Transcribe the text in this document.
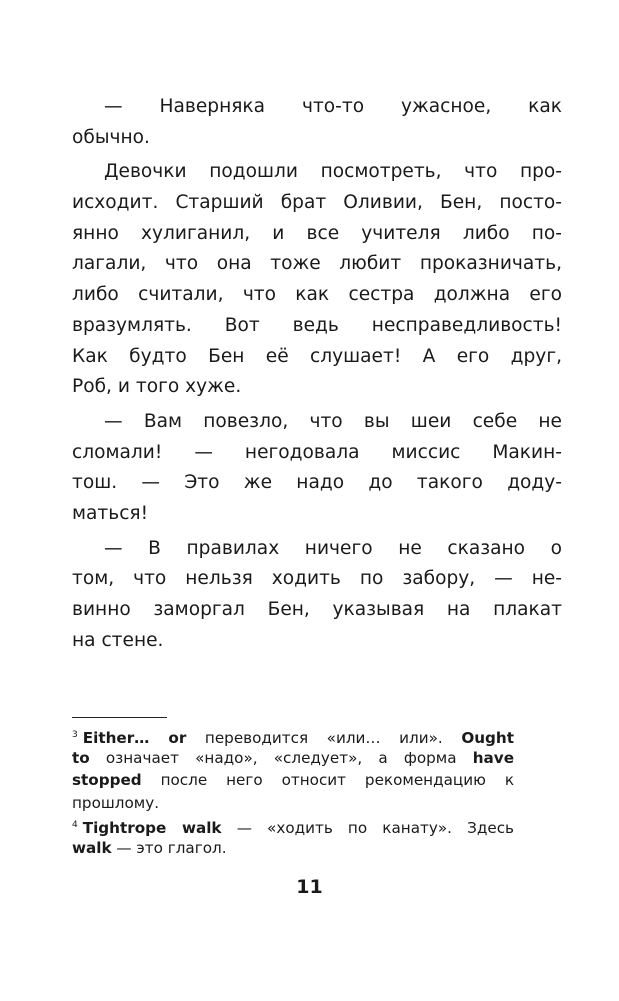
— Наверняка что-то ужасное, как
обычно.
Девочки подошли посмотреть, что про-
исходит. Старший брат Оливии, Бен, посто-
янно хулиганил, и все учителя либо по-
лагали, что она тоже любит проказничать,
либо считали, что как сестра должна его
вразумлять. Вот ведь несправедливость!
Как будто Бен её слушает! А его друг,
Роб, и того хуже.
— Вам повезло, что вы шеи себе не
сломали! — негодовала миссис Макин-
тош. — Это же надо до такого доду-
маться!
— В правилах ничего не сказано о
том, что нельзя ходить по забору, — не-
винно заморгал Бен, указывая на плакат
на стене.
$^3$ Either… or переводится «или… или». Ought
to означает «надо», «следует», а форма have
stopped после него относит рекомендацию к
прошлому.
$^4$ Tightrope walk — «ходить по канату». Здесь
walk — это глагол.
11
